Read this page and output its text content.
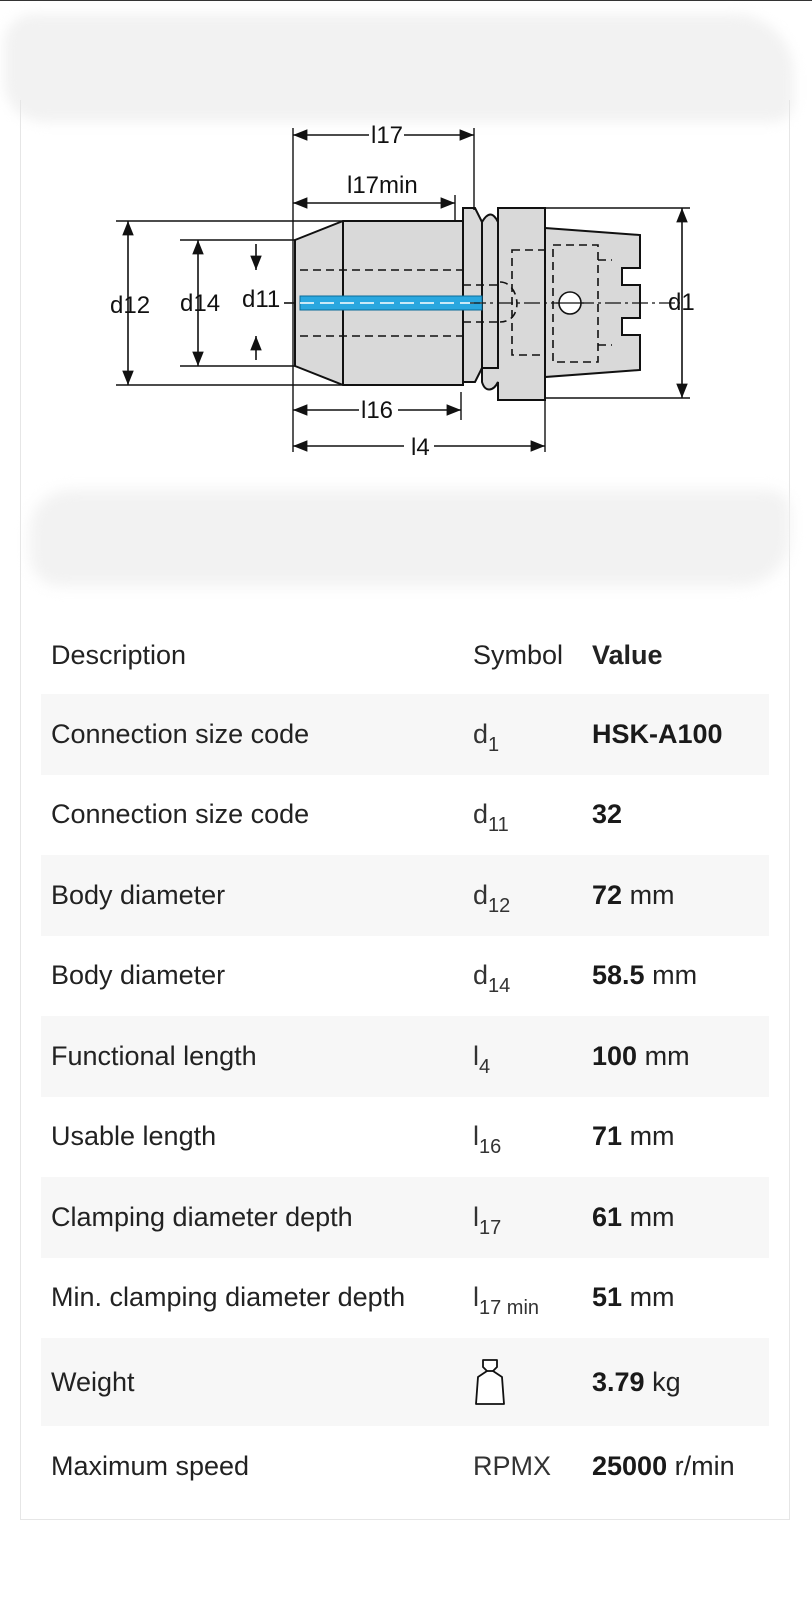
l17
l17min
d12 d14 d11	d1
l16
l4
Description	Symbol	Value
Connection size code	$d_1$	HSK-A100
Connection size code	$d_{11}$	32
Body diameter	$d_{12}$	72 mm
Body diameter	$d_{14}$	58.5 mm
Functional length	$l_4$	100 mm
Usable length	$l_{16}$	71 mm
Clamping diameter depth	$l_{17}$	61 mm
Min. clamping diameter depth	$l_{17 min}$	51 mm
Weight		3.79 kg
Maximum speed	RPMX	25000 r/min
